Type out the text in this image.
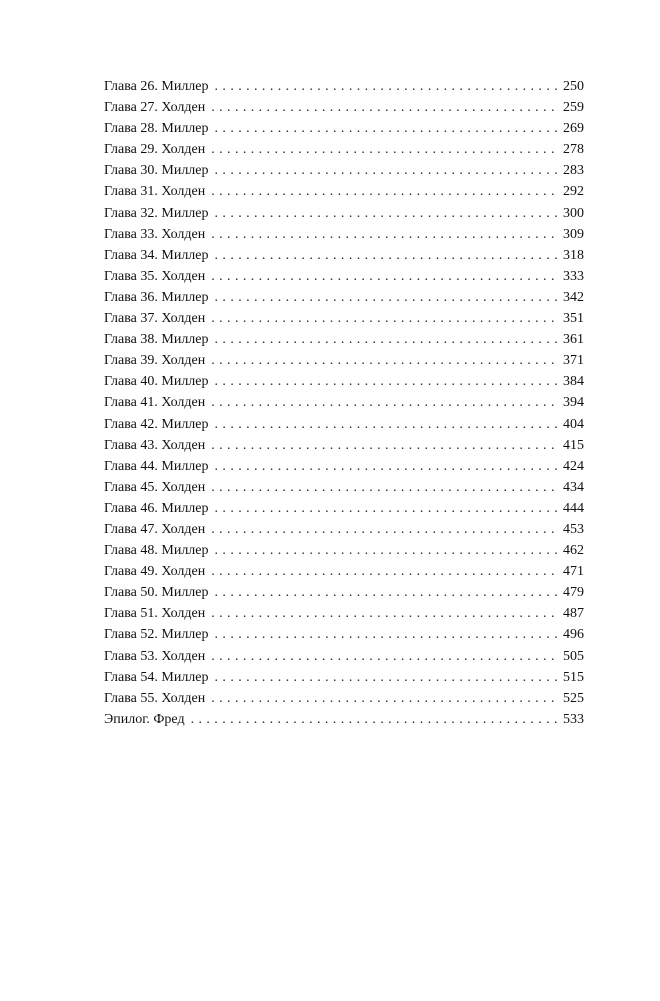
Глава 26. Миллер . . .	250
Глава 27. Холден . . .	259
Глава 28. Миллер . . .	269
Глава 29. Холден . . .	278
Глава 30. Миллер . . .	283
Глава 31. Холден . . .	292
Глава 32. Миллер . . .	300
Глава 33. Холден . . .	309
Глава 34. Миллер . . .	318
Глава 35. Холден . . .	333
Глава 36. Миллер . . .	342
Глава 37. Холден . . .	351
Глава 38. Миллер . . .	361
Глава 39. Холден . . .	371
Глава 40. Миллер . . .	384
Глава 41. Холден . . .	394
Глава 42. Миллер . . .	404
Глава 43. Холден . . .	415
Глава 44. Миллер . . .	424
Глава 45. Холден . . .	434
Глава 46. Миллер . . .	444
Глава 47. Холден . . .	453
Глава 48. Миллер . . .	462
Глава 49. Холден . . .	471
Глава 50. Миллер . . .	479
Глава 51. Холден . . .	487
Глава 52. Миллер . . .	496
Глава 53. Холден . . .	505
Глава 54. Миллер . . .	515
Глава 55. Холден . . .	525
Эпилог. Фред . . .	533
